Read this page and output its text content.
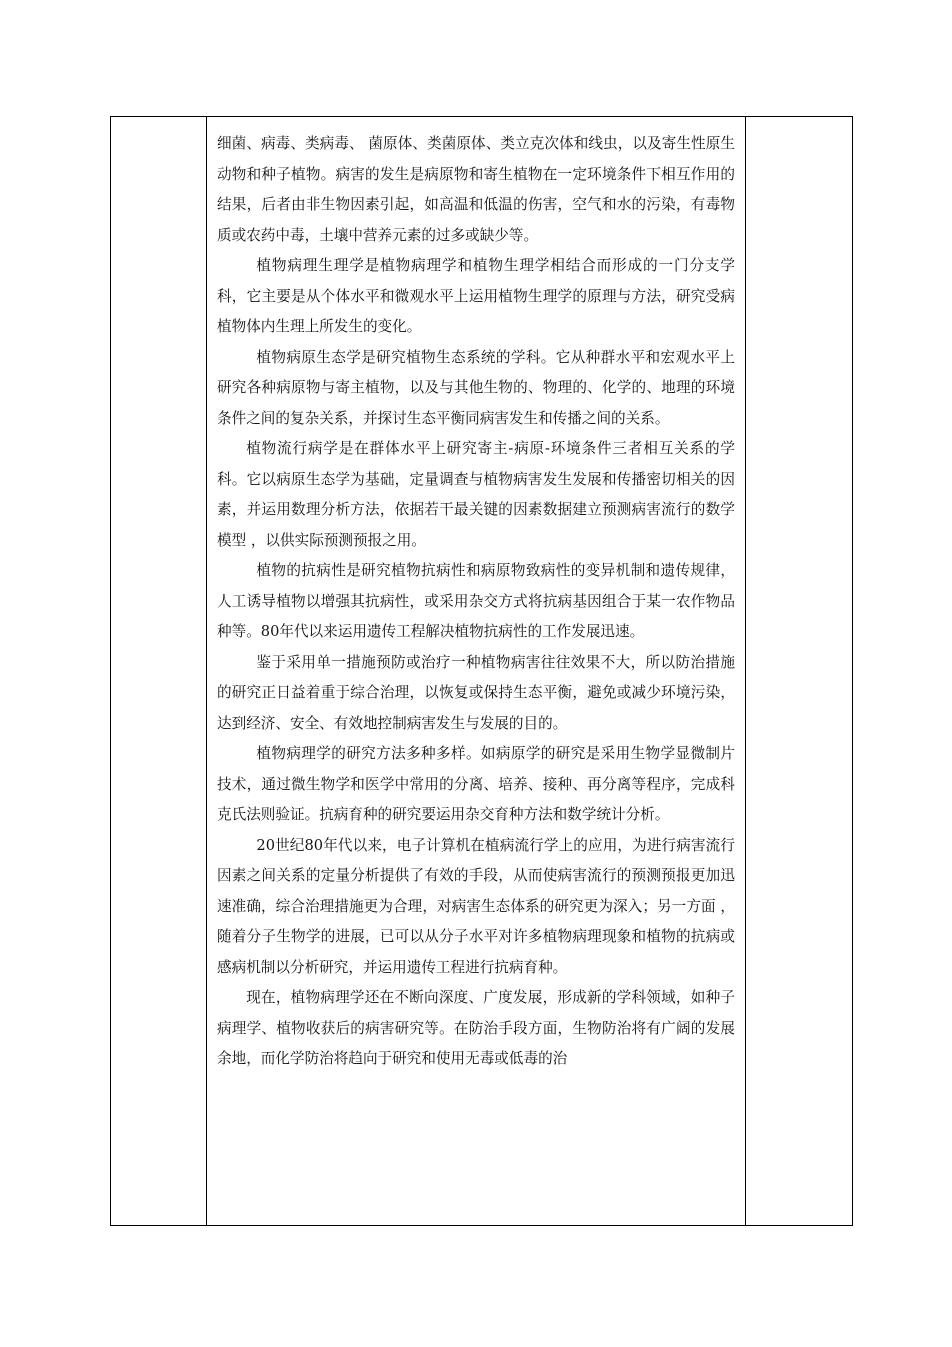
细菌、病毒、类病毒、 菌原体、类菌原体、类立克次体和线虫，以及寄生性原生动物和种子植物。病害的发生是病原物和寄生植物在一定环境条件下相互作用的结果，后者由非生物因素引起，如高温和低温的伤害，空气和水的污染，有毒物质或农药中毒，土壤中营养元素的过多或缺少等。

植物病理生理学是植物病理学和植物生理学相结合而形成的一门分支学科，它主要是从个体水平和微观水平上运用植物生理学的原理与方法，研究受病植物体内生理上所发生的变化。

植物病原生态学是研究植物生态系统的学科。它从种群水平和宏观水平上研究各种病原物与寄主植物，以及与其他生物的、物理的、化学的、地理的环境条件之间的复杂关系，并探讨生态平衡同病害发生和传播之间的关系。

植物流行病学是在群体水平上研究寄主-病原-环境条件三者相互关系的学科。它以病原生态学为基础，定量调查与植物病害发生发展和传播密切相关的因素，并运用数理分析方法，依据若干最关键的因素数据建立预测病害流行的数学模型 ，以供实际预测预报之用。

植物的抗病性是研究植物抗病性和病原物致病性的变异机制和遗传规律，人工诱导植物以增强其抗病性，或采用杂交方式将抗病基因组合于某一农作物品种等。80年代以来运用遗传工程解决植物抗病性的工作发展迅速。

鉴于采用单一措施预防或治疗一种植物病害往往效果不大，所以防治措施的研究正日益着重于综合治理，以恢复或保持生态平衡，避免或减少环境污染，达到经济、安全、有效地控制病害发生与发展的目的。

植物病理学的研究方法多种多样。如病原学的研究是采用生物学显微制片技术，通过微生物学和医学中常用的分离、培养、接种、再分离等程序，完成科克氏法则验证。抗病育种的研究要运用杂交育种方法和数学统计分析。

20世纪80年代以来，电子计算机在植病流行学上的应用，为进行病害流行因素之间关系的定量分析提供了有效的手段，从而使病害流行的预测预报更加迅速准确，综合治理措施更为合理，对病害生态体系的研究更为深入；另一方面 ，随着分子生物学的进展，已可以从分子水平对许多植物病理现象和植物的抗病或感病机制以分析研究，并运用遗传工程进行抗病育种。

现在，植物病理学还在不断向深度、广度发展，形成新的学科领域，如种子病理学、植物收获后的病害研究等。在防治手段方面，生物防治将有广阔的发展余地，而化学防治将趋向于研究和使用无毒或低毒的治
